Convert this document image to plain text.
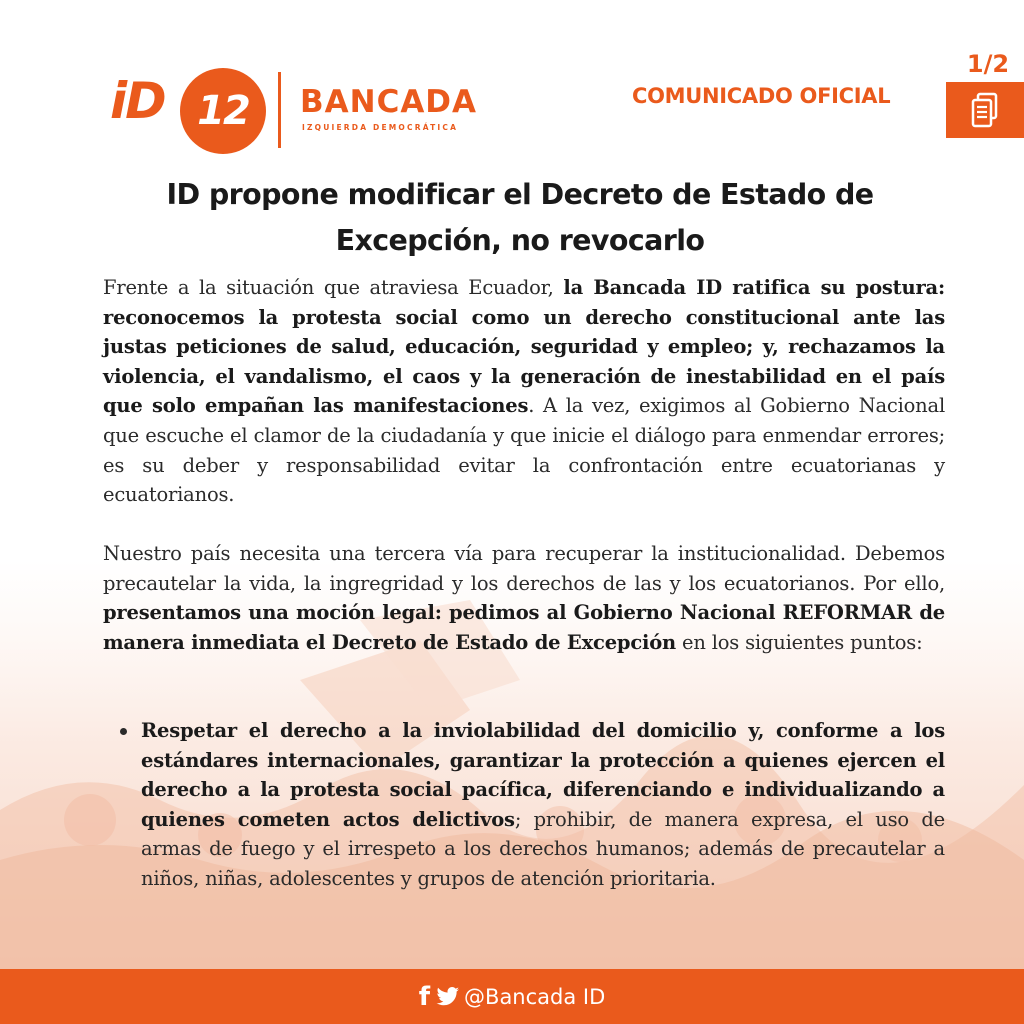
iD 12	BANCADA
IZQUIERDA DEMOCRÁTICA
COMUNICADO OFICIAL
1/2
ID propone modificar el Decreto de Estado de Excepción, no revocarlo

Frente a la situación que atraviesa Ecuador, la Bancada ID ratifica su postura: reconocemos la protesta social como un derecho constitucional ante las justas peticiones de salud, educación, seguridad y empleo; y, rechazamos la violencia, el vandalismo, el caos y la generación de inestabilidad en el país que solo empañan las manifestaciones. A la vez, exigimos al Gobierno Nacional que escuche el clamor de la ciudadanía y que inicie el diálogo para enmendar errores; es su deber y responsabilidad evitar la confrontación entre ecuatorianas y ecuatorianos.

Nuestro país necesita una tercera vía para recuperar la institucionalidad. Debemos precautelar la vida, la ingregridad y los derechos de las y los ecuatorianos. Por ello, presentamos una moción legal: pedimos al Gobierno Nacional REFORMAR de manera inmediata el Decreto de Estado de Excepción en los siguientes puntos:

Respetar el derecho a la inviolabilidad del domicilio y, conforme a los estándares internacionales, garantizar la protección a quienes ejercen el derecho a la protesta social pacífica, diferenciando e individualizando a quienes cometen actos delictivos; prohibir, de manera expresa, el uso de armas de fuego y el irrespeto a los derechos humanos; además de precautelar a niños, niñas, adolescentes y grupos de atención prioritaria.
f @Bancada ID
